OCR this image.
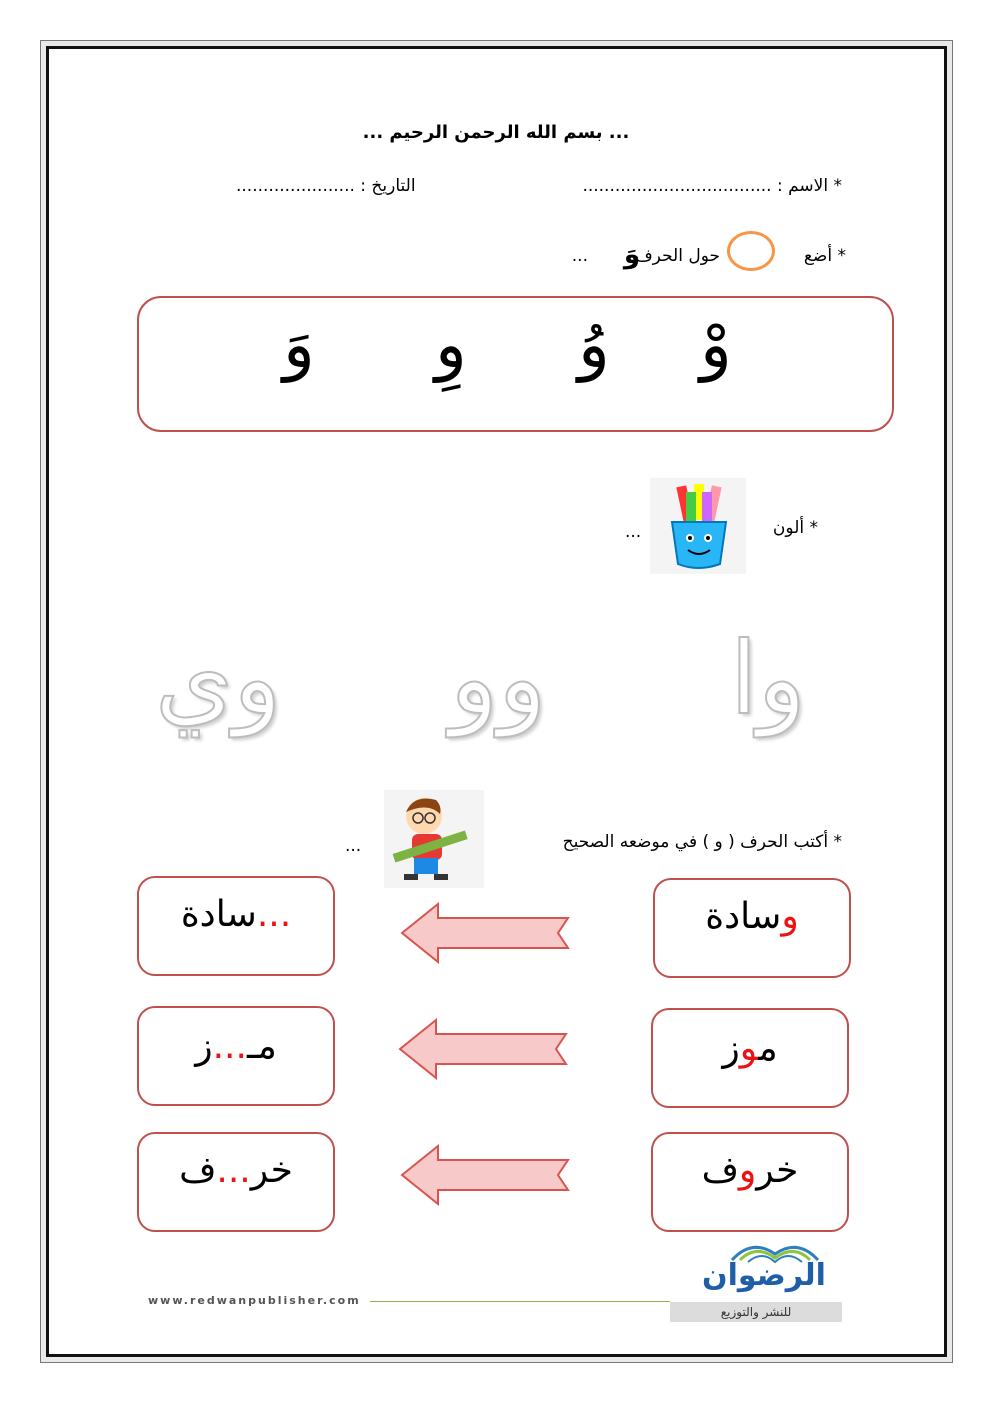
... بسم الله الرحمن الرحيم ...
* الاسم : ...................................
التاريخ : ......................
* أضع
حول الحرف
وَ
...
وْ
وُ
وِ
وَ
* ألون
...
وا
وو
وي
* أكتب الحرف ( و ) في موضعه الصحيح
...
...سادة	وسادة
مـ...ز	موز
خر...ف	خروف
www.redwanpublisher.com
الرضوان
للنشر والتوزيع
